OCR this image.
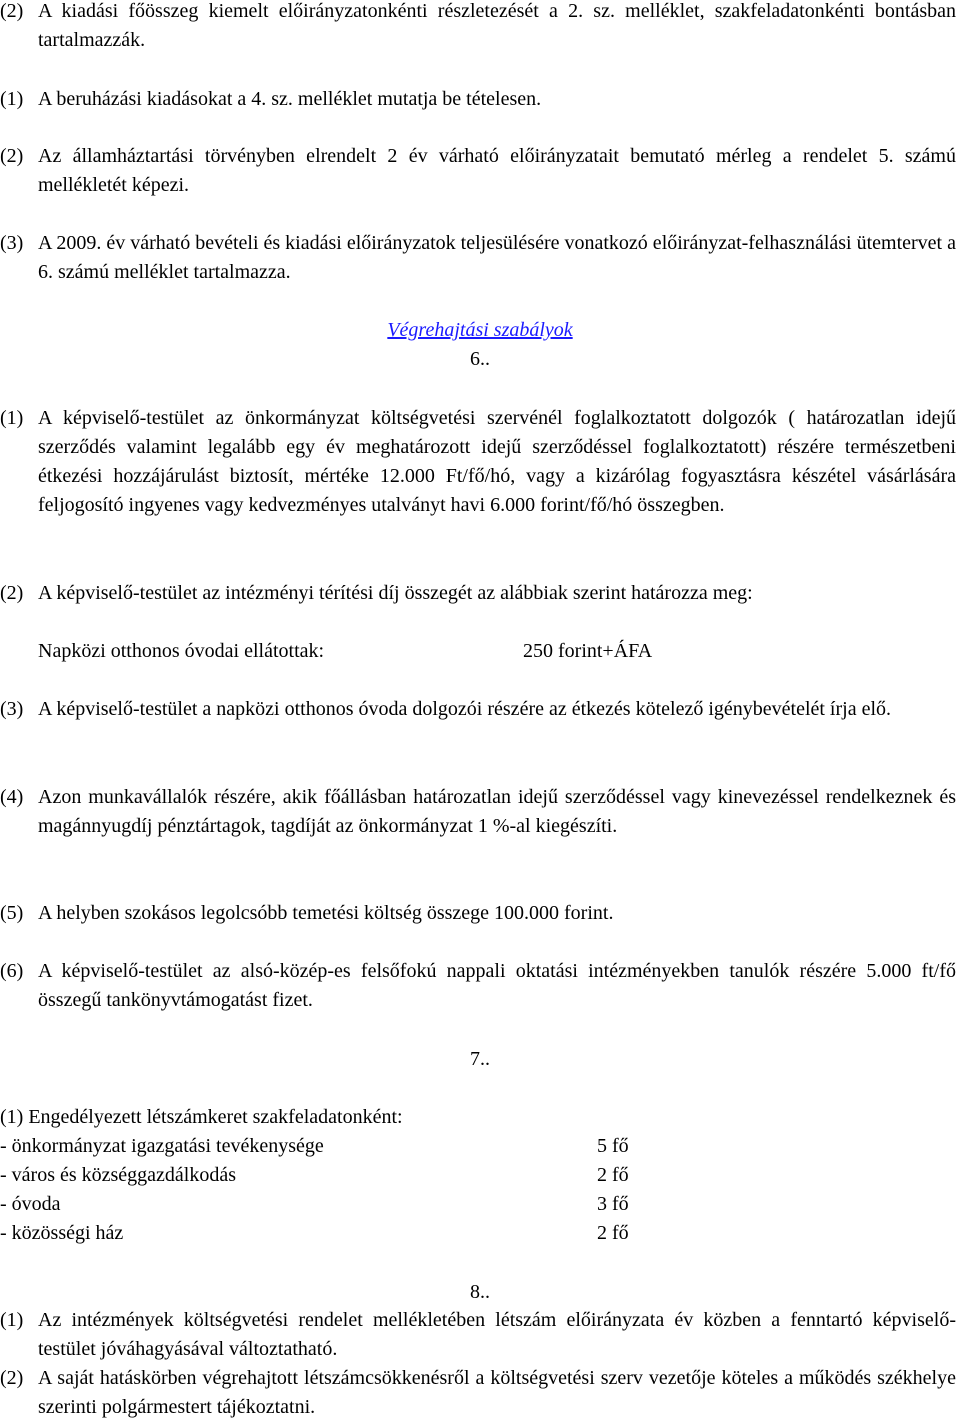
(2) A kiadási főösszeg kiemelt előirányzatonkénti részletezését a 2. sz. melléklet, szakfeladatonkénti bontásban tartalmazzák.
(1) A beruházási kiadásokat a 4. sz. melléklet mutatja be tételesen.
(2) Az államháztartási törvényben elrendelt 2 év várható előirányzatait bemutató mérleg a rendelet 5. számú mellékletét képezi.
(3) A 2009. év várható bevételi és kiadási előirányzatok teljesülésére vonatkozó előirányzat-felhasználási ütemtervet a 6. számú melléklet tartalmazza.
Végrehajtási szabályok
6..
(1) A képviselő-testület az önkormányzat költségvetési szervénél foglalkoztatott dolgozók ( határozatlan idejű szerződés valamint legalább egy év meghatározott idejű szerződéssel foglalkoztatott) részére természetbeni étkezési hozzájárulást biztosít, mértéke 12.000 Ft/fő/hó, vagy a kizárólag fogyasztásra készétel vásárlására feljogosító ingyenes vagy kedvezményes utalványt havi 6.000 forint/fő/hó összegben.
(2) A képviselő-testület az intézményi térítési díj összegét az alábbiak szerint határozza meg:
Napközi otthonos óvodai ellátottak:	250 forint+ÁFA
(3) A képviselő-testület a napközi otthonos óvoda dolgozói részére az étkezés kötelező igénybevételét írja elő.
(4) Azon munkavállalók részére, akik főállásban határozatlan idejű szerződéssel vagy kinevezéssel rendelkeznek és magánnyugdíj pénztártagok, tagdíját az önkormányzat 1 %-al kiegészíti.
(5) A helyben szokásos legolcsóbb temetési költség összege 100.000 forint.
(6) A képviselő-testület az alsó-közép-es felsőfokú nappali oktatási intézményekben tanulók részére 5.000 ft/fő összegű tankönyvtámogatást fizet.
7..
(1) Engedélyezett létszámkeret szakfeladatonként:
- önkormányzat igazgatási tevékenysége	5 fő
- város és községgazdálkodás	2 fő
- óvoda	3 fő
- közösségi ház	2 fő
8..
(1) Az intézmények költségvetési rendelet mellékletében létszám előirányzata év közben a fenntartó képviselő-testület jóváhagyásával változtatható.
(2) A saját hatáskörben végrehajtott létszámcsökkenésről a költségvetési szerv vezetője köteles a működés székhelye szerinti polgármestert tájékoztatni.
